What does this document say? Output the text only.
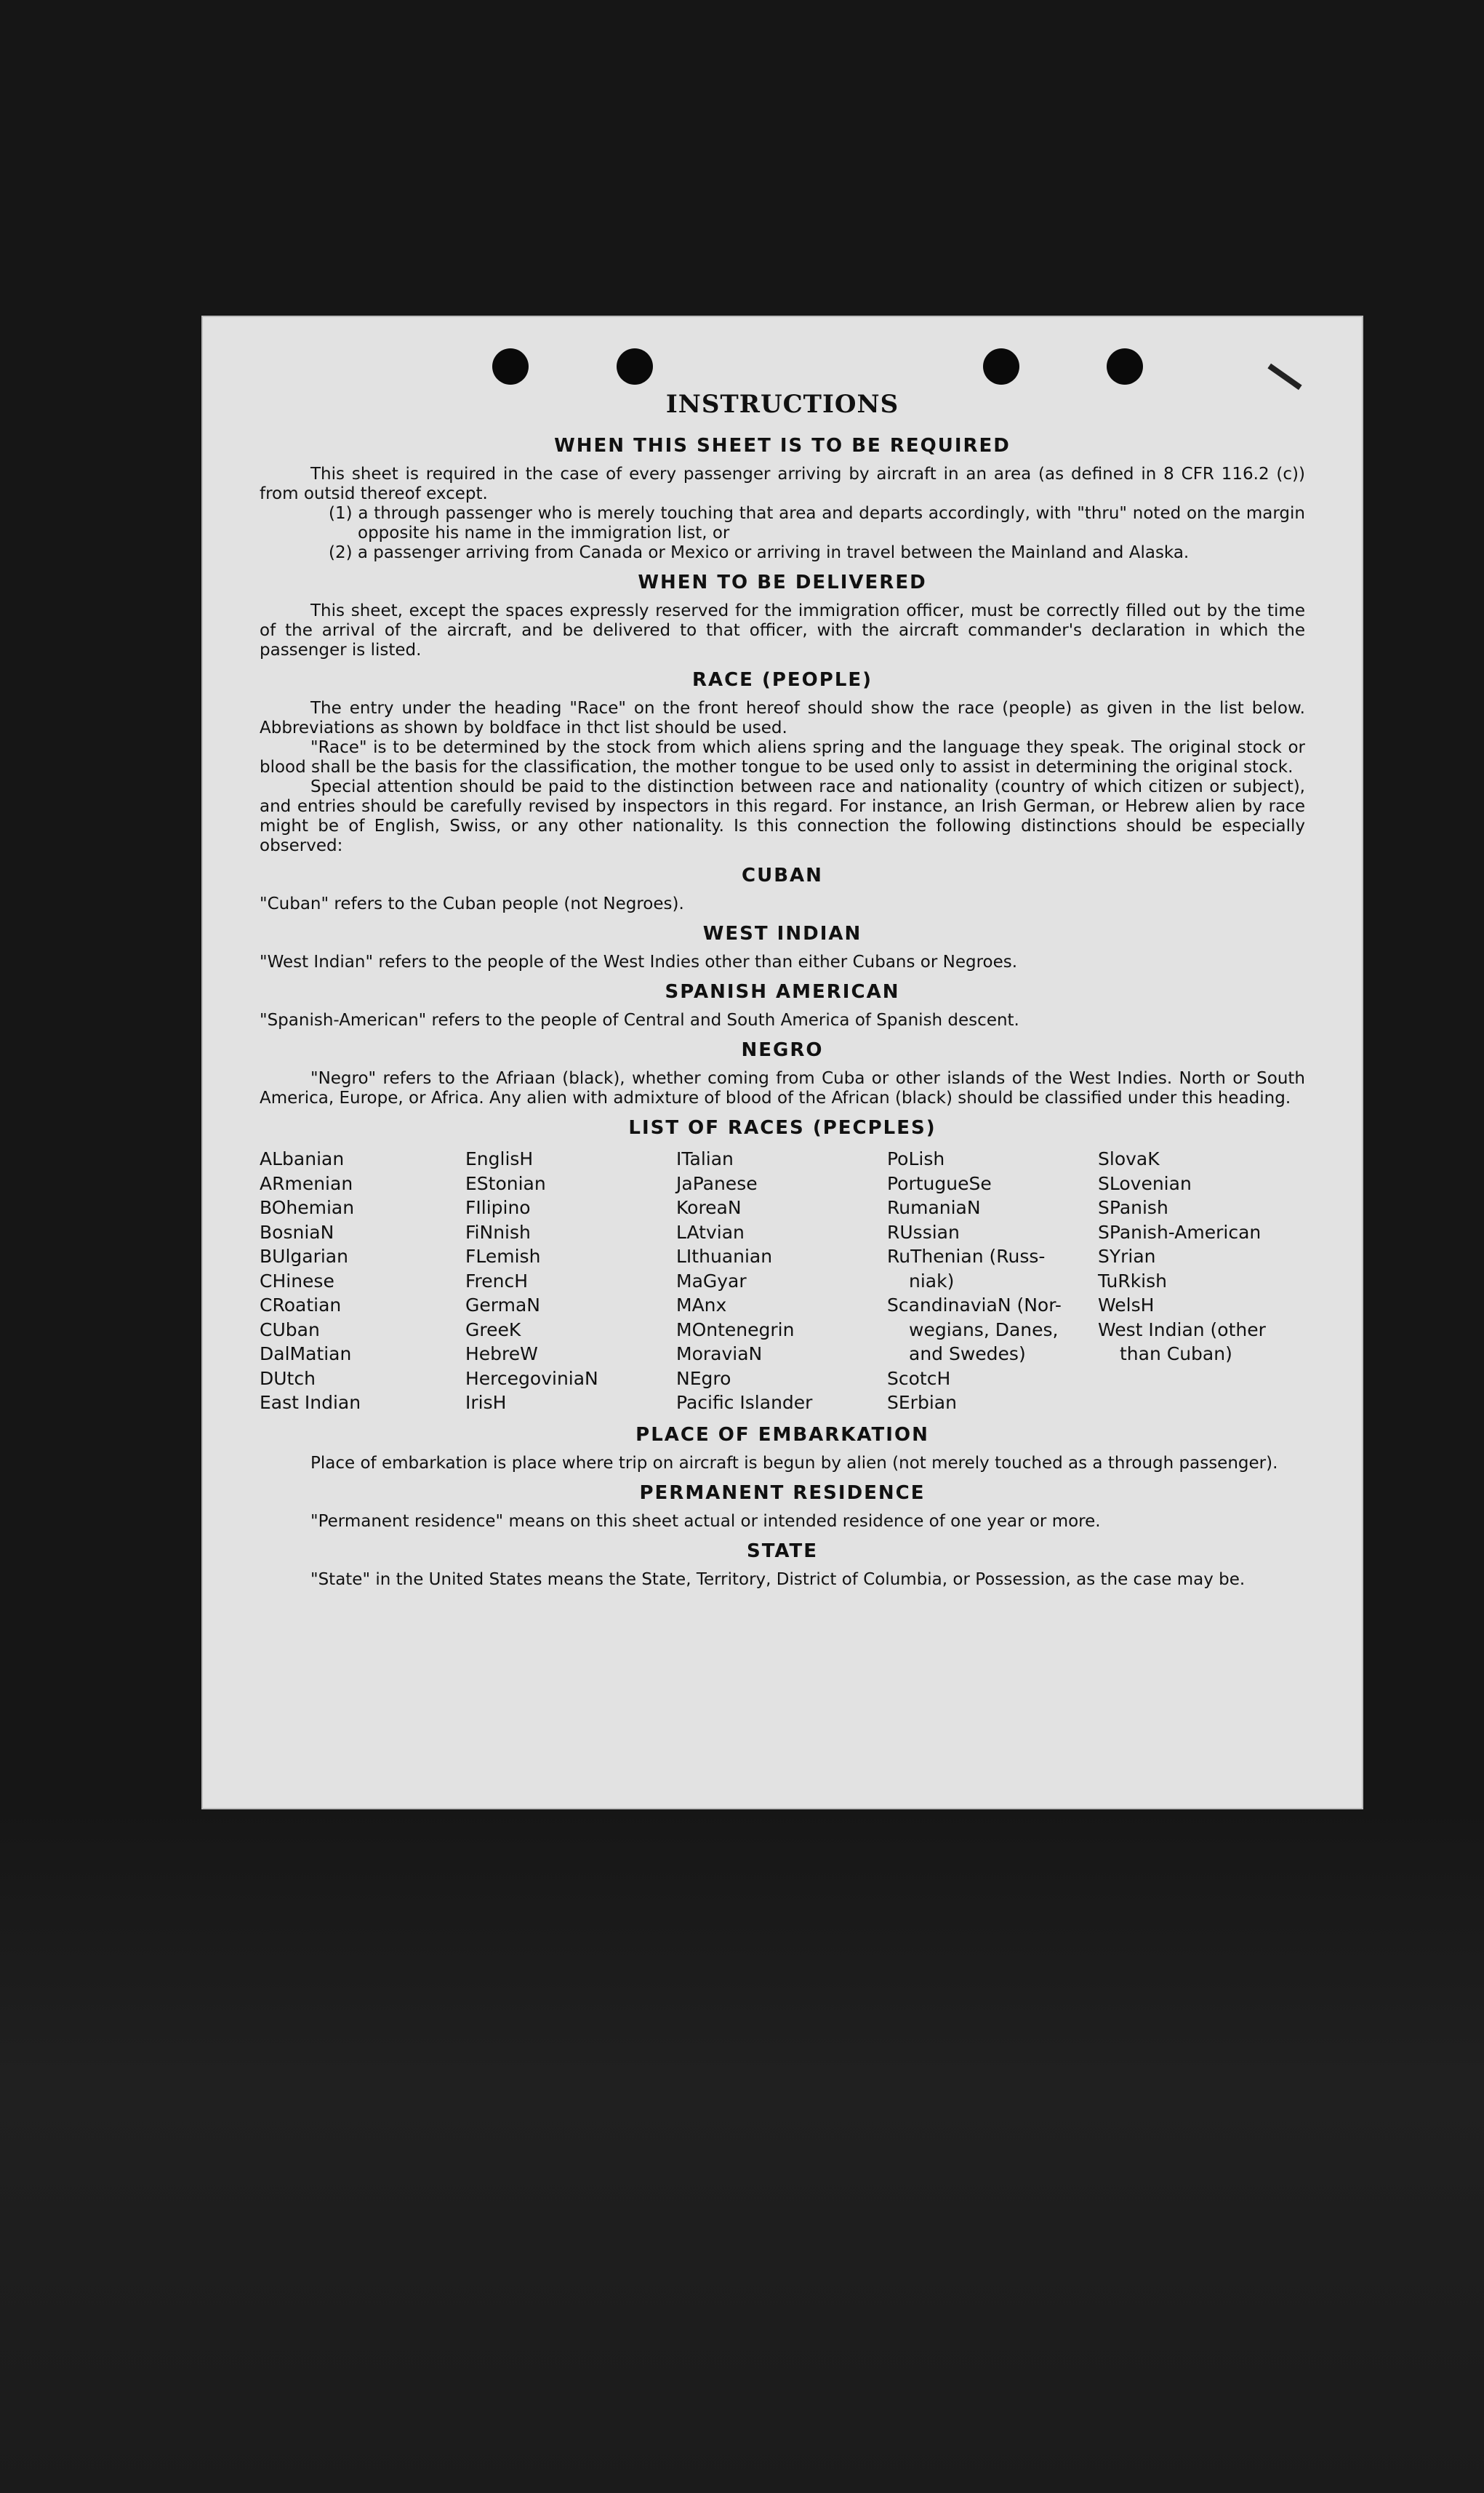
INSTRUCTIONS
WHEN THIS SHEET IS TO BE REQUIRED

This sheet is required in the case of every passenger arriving by aircraft in an area (as defined in 8 CFR 116.2 (c)) from outsid thereof except.

(1) a through passenger who is merely touching that area and departs accordingly, with "thru" noted on the margin opposite his name in the immigration list, or

(2) a passenger arriving from Canada or Mexico or arriving in travel between the Mainland and Alaska.

WHEN TO BE DELIVERED

This sheet, except the spaces expressly reserved for the immigration officer, must be correctly filled out by the time of the arrival of the aircraft, and be delivered to that officer, with the aircraft commander's declaration in which the passenger is listed.

RACE (PEOPLE)

The entry under the heading "Race" on the front hereof should show the race (people) as given in the list below. Abbreviations as shown by boldface in thct list should be used.

"Race" is to be determined by the stock from which aliens spring and the language they speak. The original stock or blood shall be the basis for the classification, the mother tongue to be used only to assist in determining the original stock.

Special attention should be paid to the distinction between race and nationality (country of which citizen or subject), and entries should be carefully revised by inspectors in this regard. For instance, an Irish German, or Hebrew alien by race might be of English, Swiss, or any other nationality. Is this connection the following distinctions should be especially observed:

CUBAN

"Cuban" refers to the Cuban people (not Negroes).

WEST INDIAN

"West Indian" refers to the people of the West Indies other than either Cubans or Negroes.

SPANISH AMERICAN

"Spanish-American" refers to the people of Central and South America of Spanish descent.

NEGRO

"Negro" refers to the Afriaan (black), whether coming from Cuba or other islands of the West Indies. North or South America, Europe, or Africa. Any alien with admixture of blood of the African (black) should be classified under this heading.

LIST OF RACES (PECPLES)
ALbanian
ARmenian
BOhemian
BosniaN
BUlgarian
CHinese
CRoatian
CUban
DalMatian
DUtch
East Indian
EnglisH
EStonian
FIlipino
FiNnish
FLemish
FrencH
GermaN
GreeK
HebreW
HercegoviniaN
IrisH
ITalian
JaPanese
KoreaN
LAtvian
LIthuanian
MaGyar
MAnx
MOntenegrin
MoraviaN
NEgro
Pacific Islander
PoLish
PortugueSe
RumaniaN
RUssian
RuThenian (Russ-
niak)
ScandinaviaN (Nor-
wegians, Danes,
and Swedes)
ScotcH
SErbian
SlovaK
SLovenian
SPanish
SPanish-American
SYrian
TuRkish
WelsH
West Indian (other
than Cuban)
PLACE OF EMBARKATION

Place of embarkation is place where trip on aircraft is begun by alien (not merely touched as a through passenger).

PERMANENT RESIDENCE

"Permanent residence" means on this sheet actual or intended residence of one year or more.

STATE

"State" in the United States means the State, Territory, District of Columbia, or Possession, as the case may be.
